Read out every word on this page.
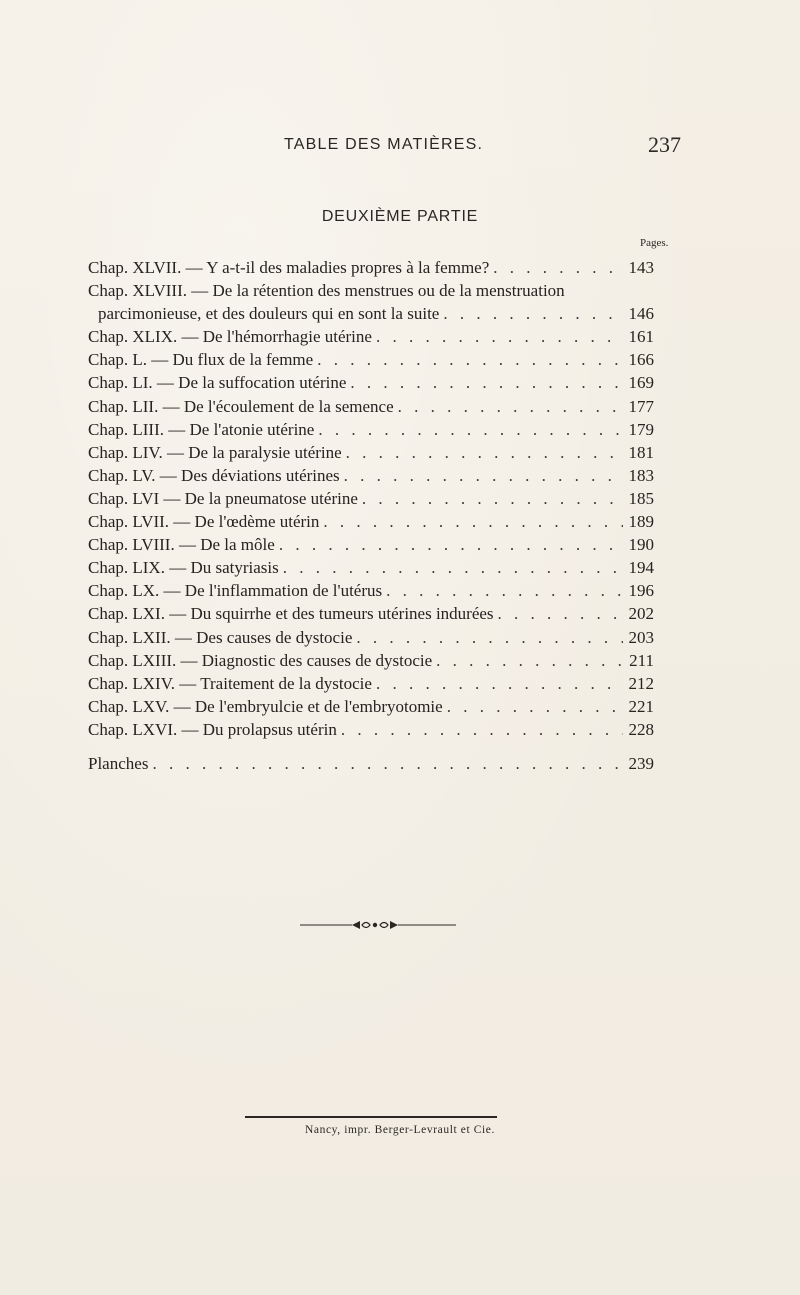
TABLE DES MATIÈRES.	237
DEUXIÈME PARTIE
Pages.
Chap. XLVII. — Y a-t-il des maladies propres à la femme? . . .	143
Chap. XLVIII. — De la rétention des menstrues ou de la menstruation
parcimonieuse, et des douleurs qui en sont la suite . . .	146
Chap. XLIX. — De l'hémorrhagie utérine . . .	161
Chap. L. — Du flux de la femme . . .	166
Chap. LI. — De la suffocation utérine . . .	169
Chap. LII. — De l'écoulement de la semence . . .	177
Chap. LIII. — De l'atonie utérine . . .	179
Chap. LIV. — De la paralysie utérine . . .	181
Chap. LV. — Des déviations utérines . . .	183
Chap. LVI — De la pneumatose utérine . . .	185
Chap. LVII. — De l'œdème utérin . . .	189
Chap. LVIII. — De la môle . . .	190
Chap. LIX. — Du satyriasis . . .	194
Chap. LX. — De l'inflammation de l'utérus . . .	196
Chap. LXI. — Du squirrhe et des tumeurs utérines indurées . . .	202
Chap. LXII. — Des causes de dystocie . . .	203
Chap. LXIII. — Diagnostic des causes de dystocie . . .	211
Chap. LXIV. — Traitement de la dystocie . . .	212
Chap. LXV. — De l'embryulcie et de l'embryotomie . . .	221
Chap. LXVI. — Du prolapsus utérin . . .	228
Planches . . .	239
Nancy, impr. Berger-Levrault et Cie.
